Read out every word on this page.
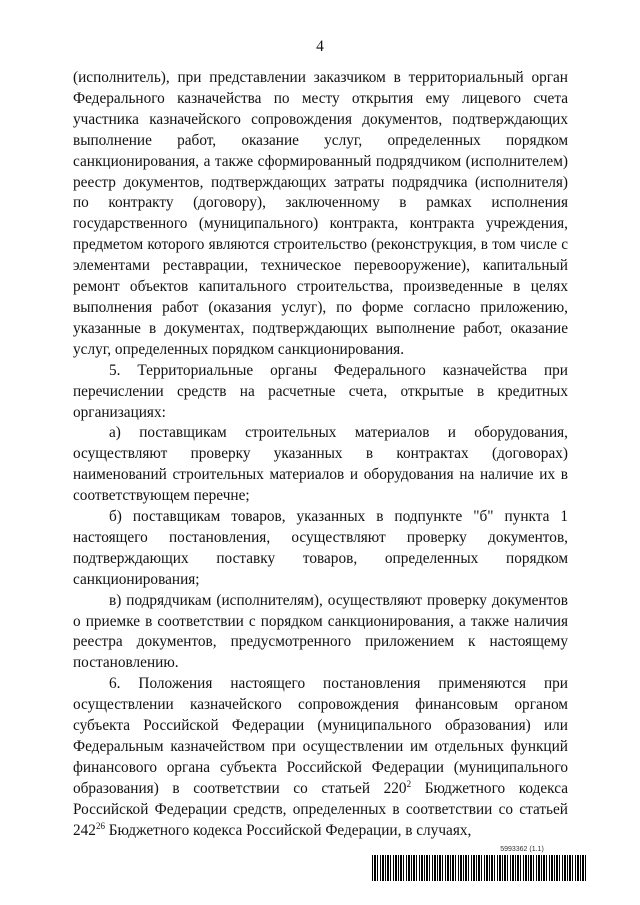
4

(исполнитель), при представлении заказчиком в территориальный орган Федерального казначейства по месту открытия ему лицевого счета участника казначейского сопровождения документов, подтверждающих выполнение работ, оказание услуг, определенных порядком санкционирования, а также сформированный подрядчиком (исполнителем) реестр документов, подтверждающих затраты подрядчика (исполнителя) по контракту (договору), заключенному в рамках исполнения государственного (муниципального) контракта, контракта учреждения, предметом которого являются строительство (реконструкция, в том числе с элементами реставрации, техническое перевооружение), капитальный ремонт объектов капитального строительства, произведенные в целях выполнения работ (оказания услуг), по форме согласно приложению, указанные в документах, подтверждающих выполнение работ, оказание услуг, определенных порядком санкционирования.

5. Территориальные органы Федерального казначейства при перечислении средств на расчетные счета, открытые в кредитных организациях:

а) поставщикам строительных материалов и оборудования, осуществляют проверку указанных в контрактах (договорах) наименований строительных материалов и оборудования на наличие их в соответствующем перечне;

б) поставщикам товаров, указанных в подпункте "б" пункта 1 настоящего постановления, осуществляют проверку документов, подтверждающих поставку товаров, определенных порядком санкционирования;

в) подрядчикам (исполнителям), осуществляют проверку документов о приемке в соответствии с порядком санкционирования, а также наличия реестра документов, предусмотренного приложением к настоящему постановлению.

6. Положения настоящего постановления применяются при осуществлении казначейского сопровождения финансовым органом субъекта Российской Федерации (муниципального образования) или Федеральным казначейством при осуществлении им отдельных функций финансового органа субъекта Российской Федерации (муниципального образования) в соответствии со статьей $220^2$ Бюджетного кодекса Российской Федерации средств, определенных в соответствии со статьей $242^{26}$ Бюджетного кодекса Российской Федерации, в случаях,

5993362 (1.1)
